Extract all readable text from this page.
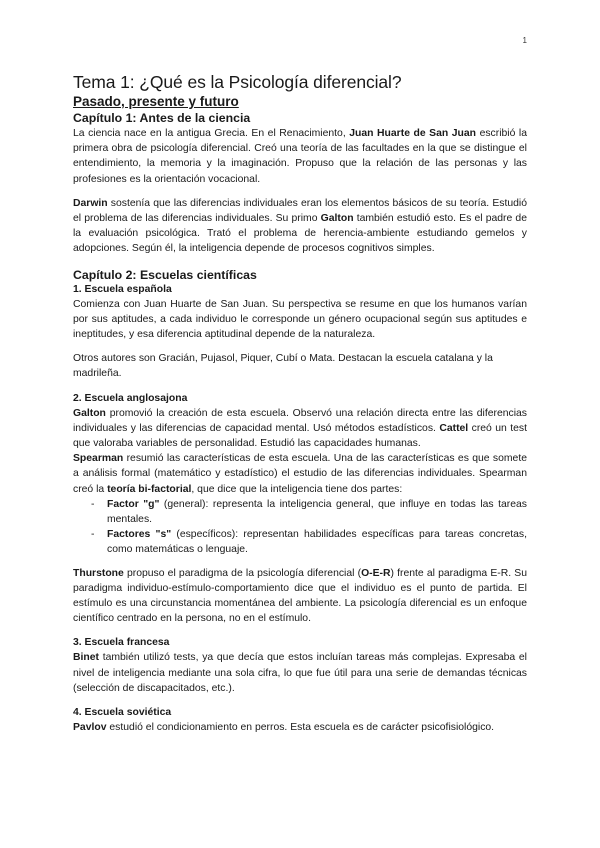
1
Tema 1: ¿Qué es la Psicología diferencial?
Pasado, presente y futuro
Capítulo 1: Antes de la ciencia

La ciencia nace en la antigua Grecia. En el Renacimiento, Juan Huarte de San Juan escribió la primera obra de psicología diferencial. Creó una teoría de las facultades en la que se distingue el entendimiento, la memoria y la imaginación. Propuso que la relación de las personas y las profesiones es la orientación vocacional.

Darwin sostenía que las diferencias individuales eran los elementos básicos de su teoría. Estudió el problema de las diferencias individuales. Su primo Galton también estudió esto. Es el padre de la evaluación psicológica. Trató el problema de herencia-ambiente estudiando gemelos y adopciones. Según él, la inteligencia depende de procesos cognitivos simples.

Capítulo 2: Escuelas científicas
1. Escuela española

Comienza con Juan Huarte de San Juan. Su perspectiva se resume en que los humanos varían por sus aptitudes, a cada individuo le corresponde un género ocupacional según sus aptitudes e ineptitudes, y esa diferencia aptitudinal depende de la naturaleza.

Otros autores son Gracián, Pujasol, Piquer, Cubí o Mata. Destacan la escuela catalana y la madrileña.

2. Escuela anglosajona

Galton promovió la creación de esta escuela. Observó una relación directa entre las diferencias individuales y las diferencias de capacidad mental. Usó métodos estadísticos. Cattel creó un test que valoraba variables de personalidad. Estudió las capacidades humanas.

Spearman resumió las características de esta escuela. Una de las características es que somete a análisis formal (matemático y estadístico) el estudio de las diferencias individuales. Spearman creó la teoría bi-factorial, que dice que la inteligencia tiene dos partes:

- Factor "g" (general): representa la inteligencia general, que influye en todas las tareas mentales.
- Factores "s" (específicos): representan habilidades específicas para tareas concretas, como matemáticas o lenguaje.

Thurstone propuso el paradigma de la psicología diferencial (O-E-R) frente al paradigma E-R. Su paradigma individuo-estímulo-comportamiento dice que el individuo es el punto de partida. El estímulo es una circunstancia momentánea del ambiente. La psicología diferencial es un enfoque científico centrado en la persona, no en el estímulo.

3. Escuela francesa

Binet también utilizó tests, ya que decía que estos incluían tareas más complejas. Expresaba el nivel de inteligencia mediante una sola cifra, lo que fue útil para una serie de demandas técnicas (selección de discapacitados, etc.).

4. Escuela soviética

Pavlov estudió el condicionamiento en perros. Esta escuela es de carácter psicofisiológico.
